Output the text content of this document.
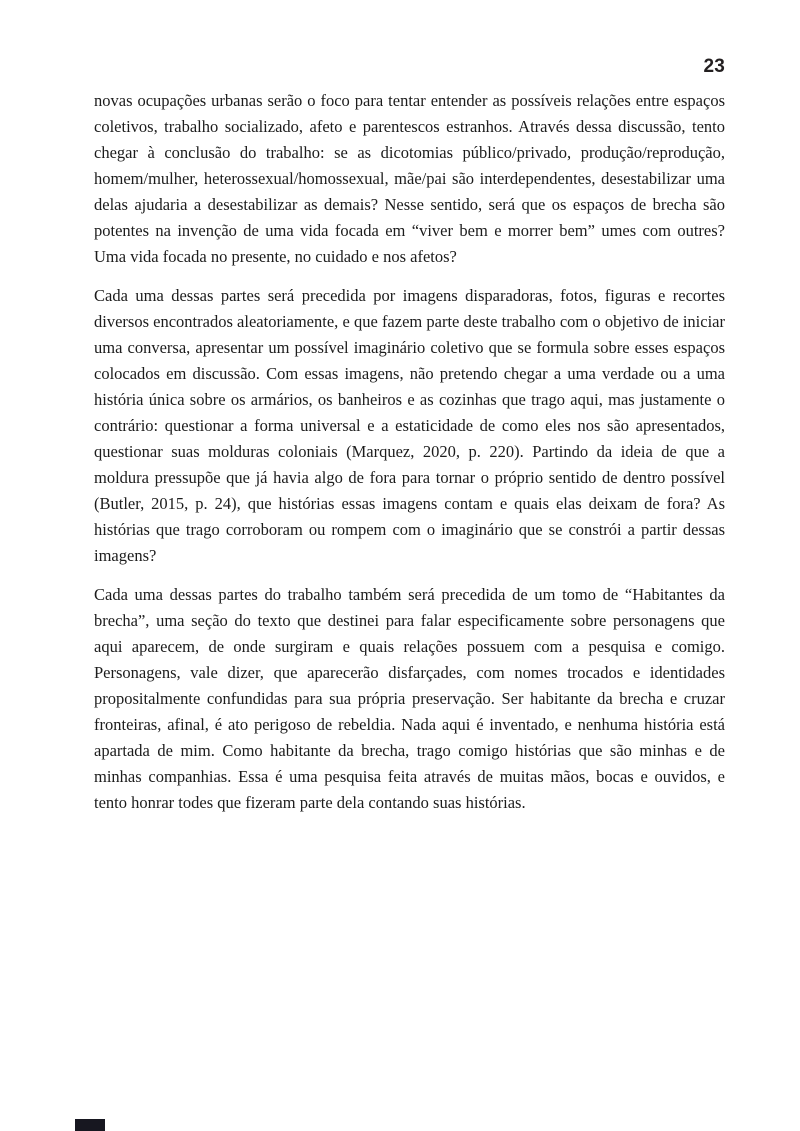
23

novas ocupações urbanas serão o foco para tentar entender as possíveis relações entre espaços coletivos, trabalho socializado, afeto e parentescos estranhos. Através dessa discussão, tento chegar à conclusão do trabalho: se as dicotomias público/privado, produção/reprodução, homem/mulher, heterossexual/homossexual, mãe/pai são interdependentes, desestabilizar uma delas ajudaria a desestabilizar as demais? Nesse sentido, será que os espaços de brecha são potentes na invenção de uma vida focada em “viver bem e morrer bem” umes com outres? Uma vida focada no presente, no cuidado e nos afetos?

Cada uma dessas partes será precedida por imagens disparadoras, fotos, figuras e recortes diversos encontrados aleatoriamente, e que fazem parte deste trabalho com o objetivo de iniciar uma conversa, apresentar um possível imaginário coletivo que se formula sobre esses espaços colocados em discussão. Com essas imagens, não pretendo chegar a uma verdade ou a uma história única sobre os armários, os banheiros e as cozinhas que trago aqui, mas justamente o contrário: questionar a forma universal e a estaticidade de como eles nos são apresentados, questionar suas molduras coloniais (Marquez, 2020, p. 220). Partindo da ideia de que a moldura pressupõe que já havia algo de fora para tornar o próprio sentido de dentro possível (Butler, 2015, p. 24), que histórias essas imagens contam e quais elas deixam de fora? As histórias que trago corroboram ou rompem com o imaginário que se constrói a partir dessas imagens?

Cada uma dessas partes do trabalho também será precedida de um tomo de “Habitantes da brecha”, uma seção do texto que destinei para falar especificamente sobre personagens que aqui aparecem, de onde surgiram e quais relações possuem com a pesquisa e comigo. Personagens, vale dizer, que aparecerão disfarçades, com nomes trocados e identidades propositalmente confundidas para sua própria preservação. Ser habitante da brecha e cruzar fronteiras, afinal, é ato perigoso de rebeldia. Nada aqui é inventado, e nenhuma história está apartada de mim. Como habitante da brecha, trago comigo histórias que são minhas e de minhas companhias. Essa é uma pesquisa feita através de muitas mãos, bocas e ouvidos, e tento honrar todes que fizeram parte dela contando suas histórias.
